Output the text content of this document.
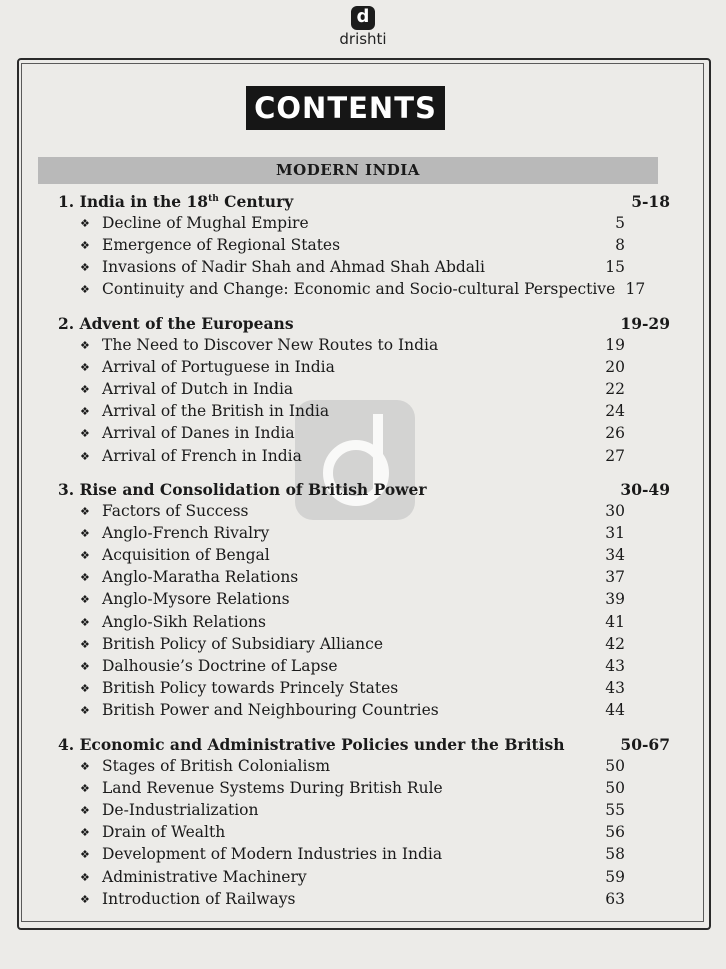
d
drishti
CONTENTS
MODERN INDIA
1. India in the 18th Century	5-18
❖ Decline of Mughal Empire	5
❖ Emergence of Regional States	8
❖ Invasions of Nadir Shah and Ahmad Shah Abdali	15
❖ Continuity and Change: Economic and Socio-cultural Perspective 17
2. Advent of the Europeans	19-29
❖ The Need to Discover New Routes to India	19
❖ Arrival of Portuguese in India	20
❖ Arrival of Dutch in India	22
❖ Arrival of the British in India	24
❖ Arrival of Danes in India	26
❖ Arrival of French in India	27
3. Rise and Consolidation of British Power	30-49
❖ Factors of Success	30
❖ Anglo-French Rivalry	31
❖ Acquisition of Bengal	34
❖ Anglo-Maratha Relations	37
❖ Anglo-Mysore Relations	39
❖ Anglo-Sikh Relations	41
❖ British Policy of Subsidiary Alliance	42
❖ Dalhousie’s Doctrine of Lapse	43
❖ British Policy towards Princely States	43
❖ British Power and Neighbouring Countries	44
4. Economic and Administrative Policies under the British	50-67
❖ Stages of British Colonialism	50
❖ Land Revenue Systems During British Rule	50
❖ De-Industrialization	55
❖ Drain of Wealth	56
❖ Development of Modern Industries in India	58
❖ Administrative Machinery	59
❖ Introduction of Railways	63
